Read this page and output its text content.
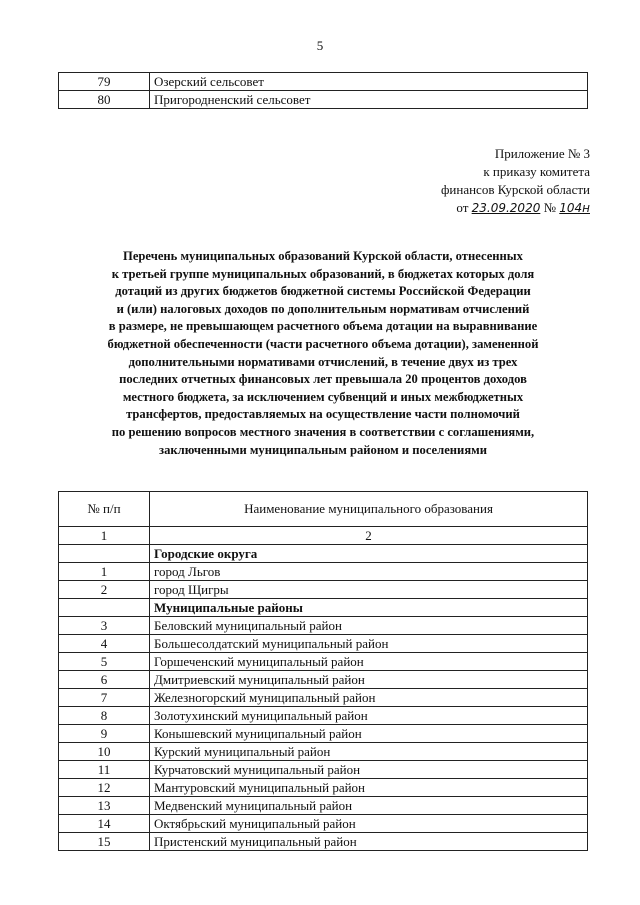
5
79	Озерский сельсовет
80	Пригородненский сельсовет
Приложение № 3
к приказу комитета
финансов Курской области
от 23.09.2020 № 104н
Перечень муниципальных образований Курской области, отнесенных
к третьей группе муниципальных образований, в бюджетах которых доля
дотаций из других бюджетов бюджетной системы Российской Федерации
и (или) налоговых доходов по дополнительным нормативам отчислений
в размере, не превышающем расчетного объема дотации на выравнивание
бюджетной обеспеченности (части расчетного объема дотации), замененной
дополнительными нормативами отчислений, в течение двух из трех
последних отчетных финансовых лет превышала 20 процентов доходов
местного бюджета, за исключением субвенций и иных межбюджетных
трансфертов, предоставляемых на осуществление части полномочий
по решению вопросов местного значения в соответствии с соглашениями,
заключенными муниципальным районом и поселениями
№ п/п	Наименование муниципального образования
1	2
	Городские округа
1	город Льгов
2	город Щигры
	Муниципальные районы
3	Беловский муниципальный район
4	Большесолдатский муниципальный район
5	Горшеченский муниципальный район
6	Дмитриевский муниципальный район
7	Железногорский муниципальный район
8	Золотухинский муниципальный район
9	Конышевский муниципальный район
10	Курский муниципальный район
11	Курчатовский муниципальный район
12	Мантуровский муниципальный район
13	Медвенский муниципальный район
14	Октябрьский муниципальный район
15	Пристенский муниципальный район
